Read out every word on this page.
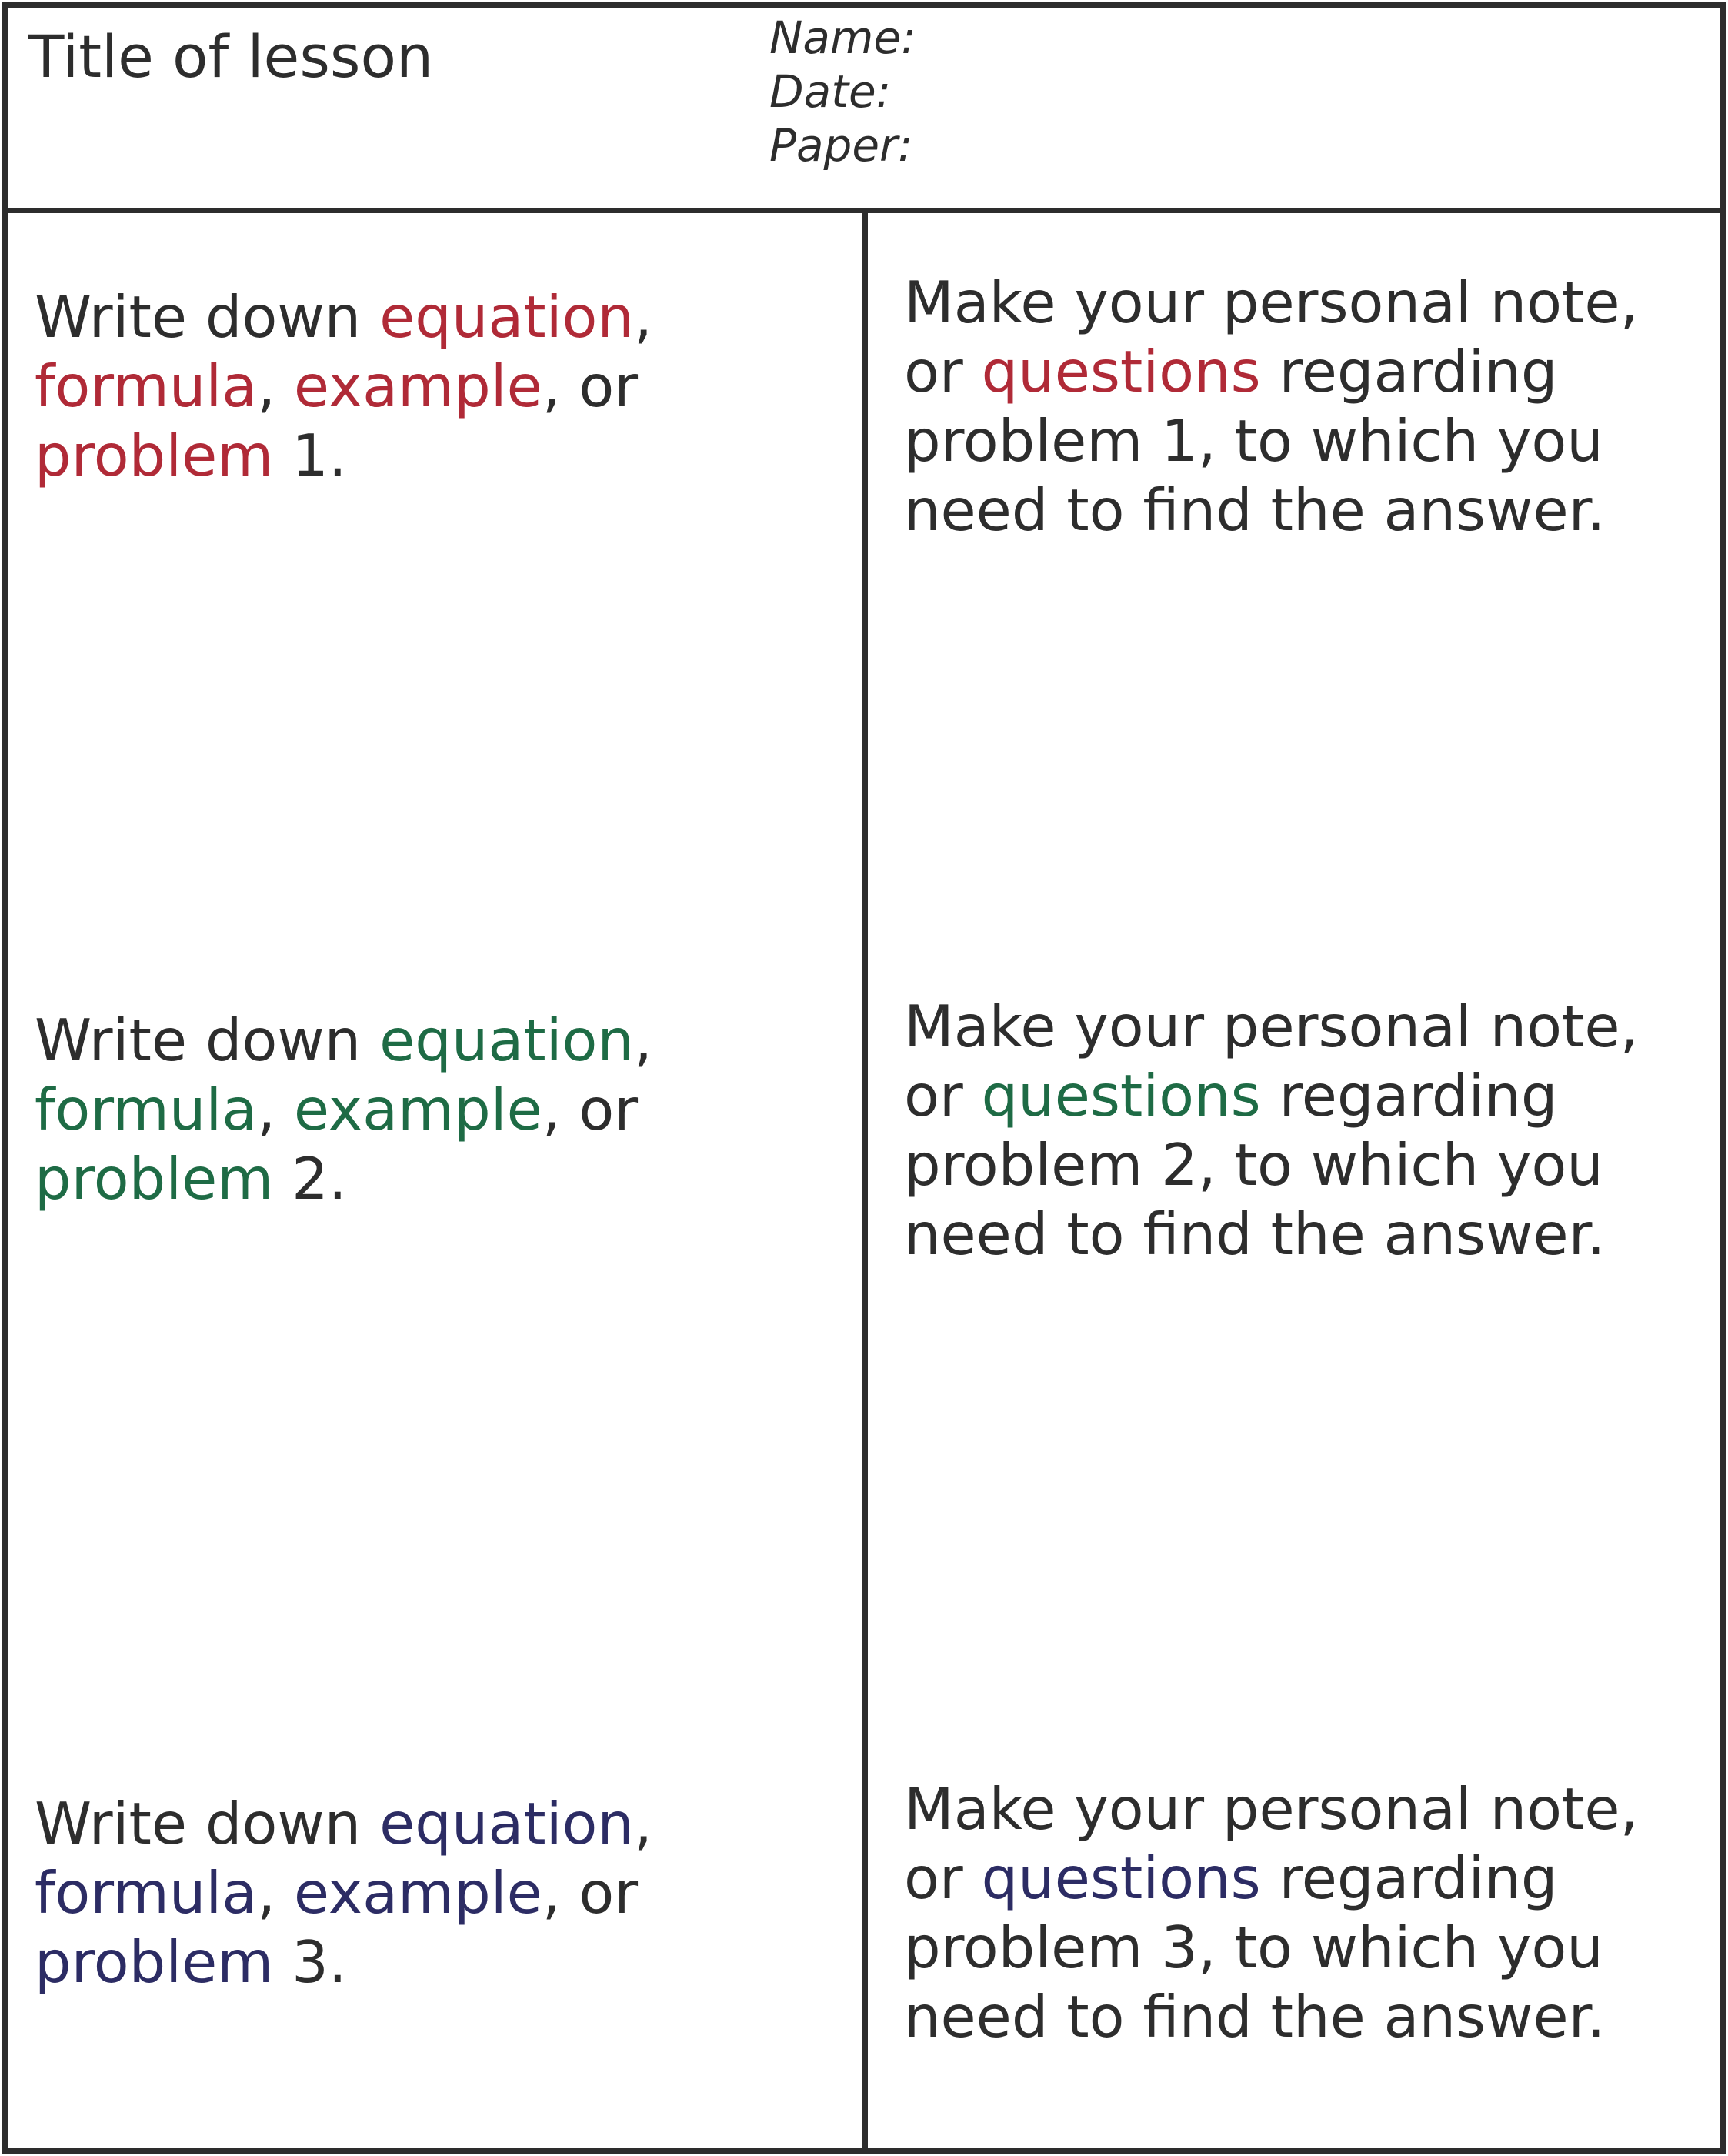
Title of lesson	Name:
Date:
Paper:
Write down equation,
formula, example, or
problem 1.
Make your personal note,
or questions regarding
problem 1, to which you
need to find the answer.
Write down equation,
formula, example, or
problem 2.
Make your personal note,
or questions regarding
problem 2, to which you
need to find the answer.
Write down equation,
formula, example, or
problem 3.
Make your personal note,
or questions regarding
problem 3, to which you
need to find the answer.
